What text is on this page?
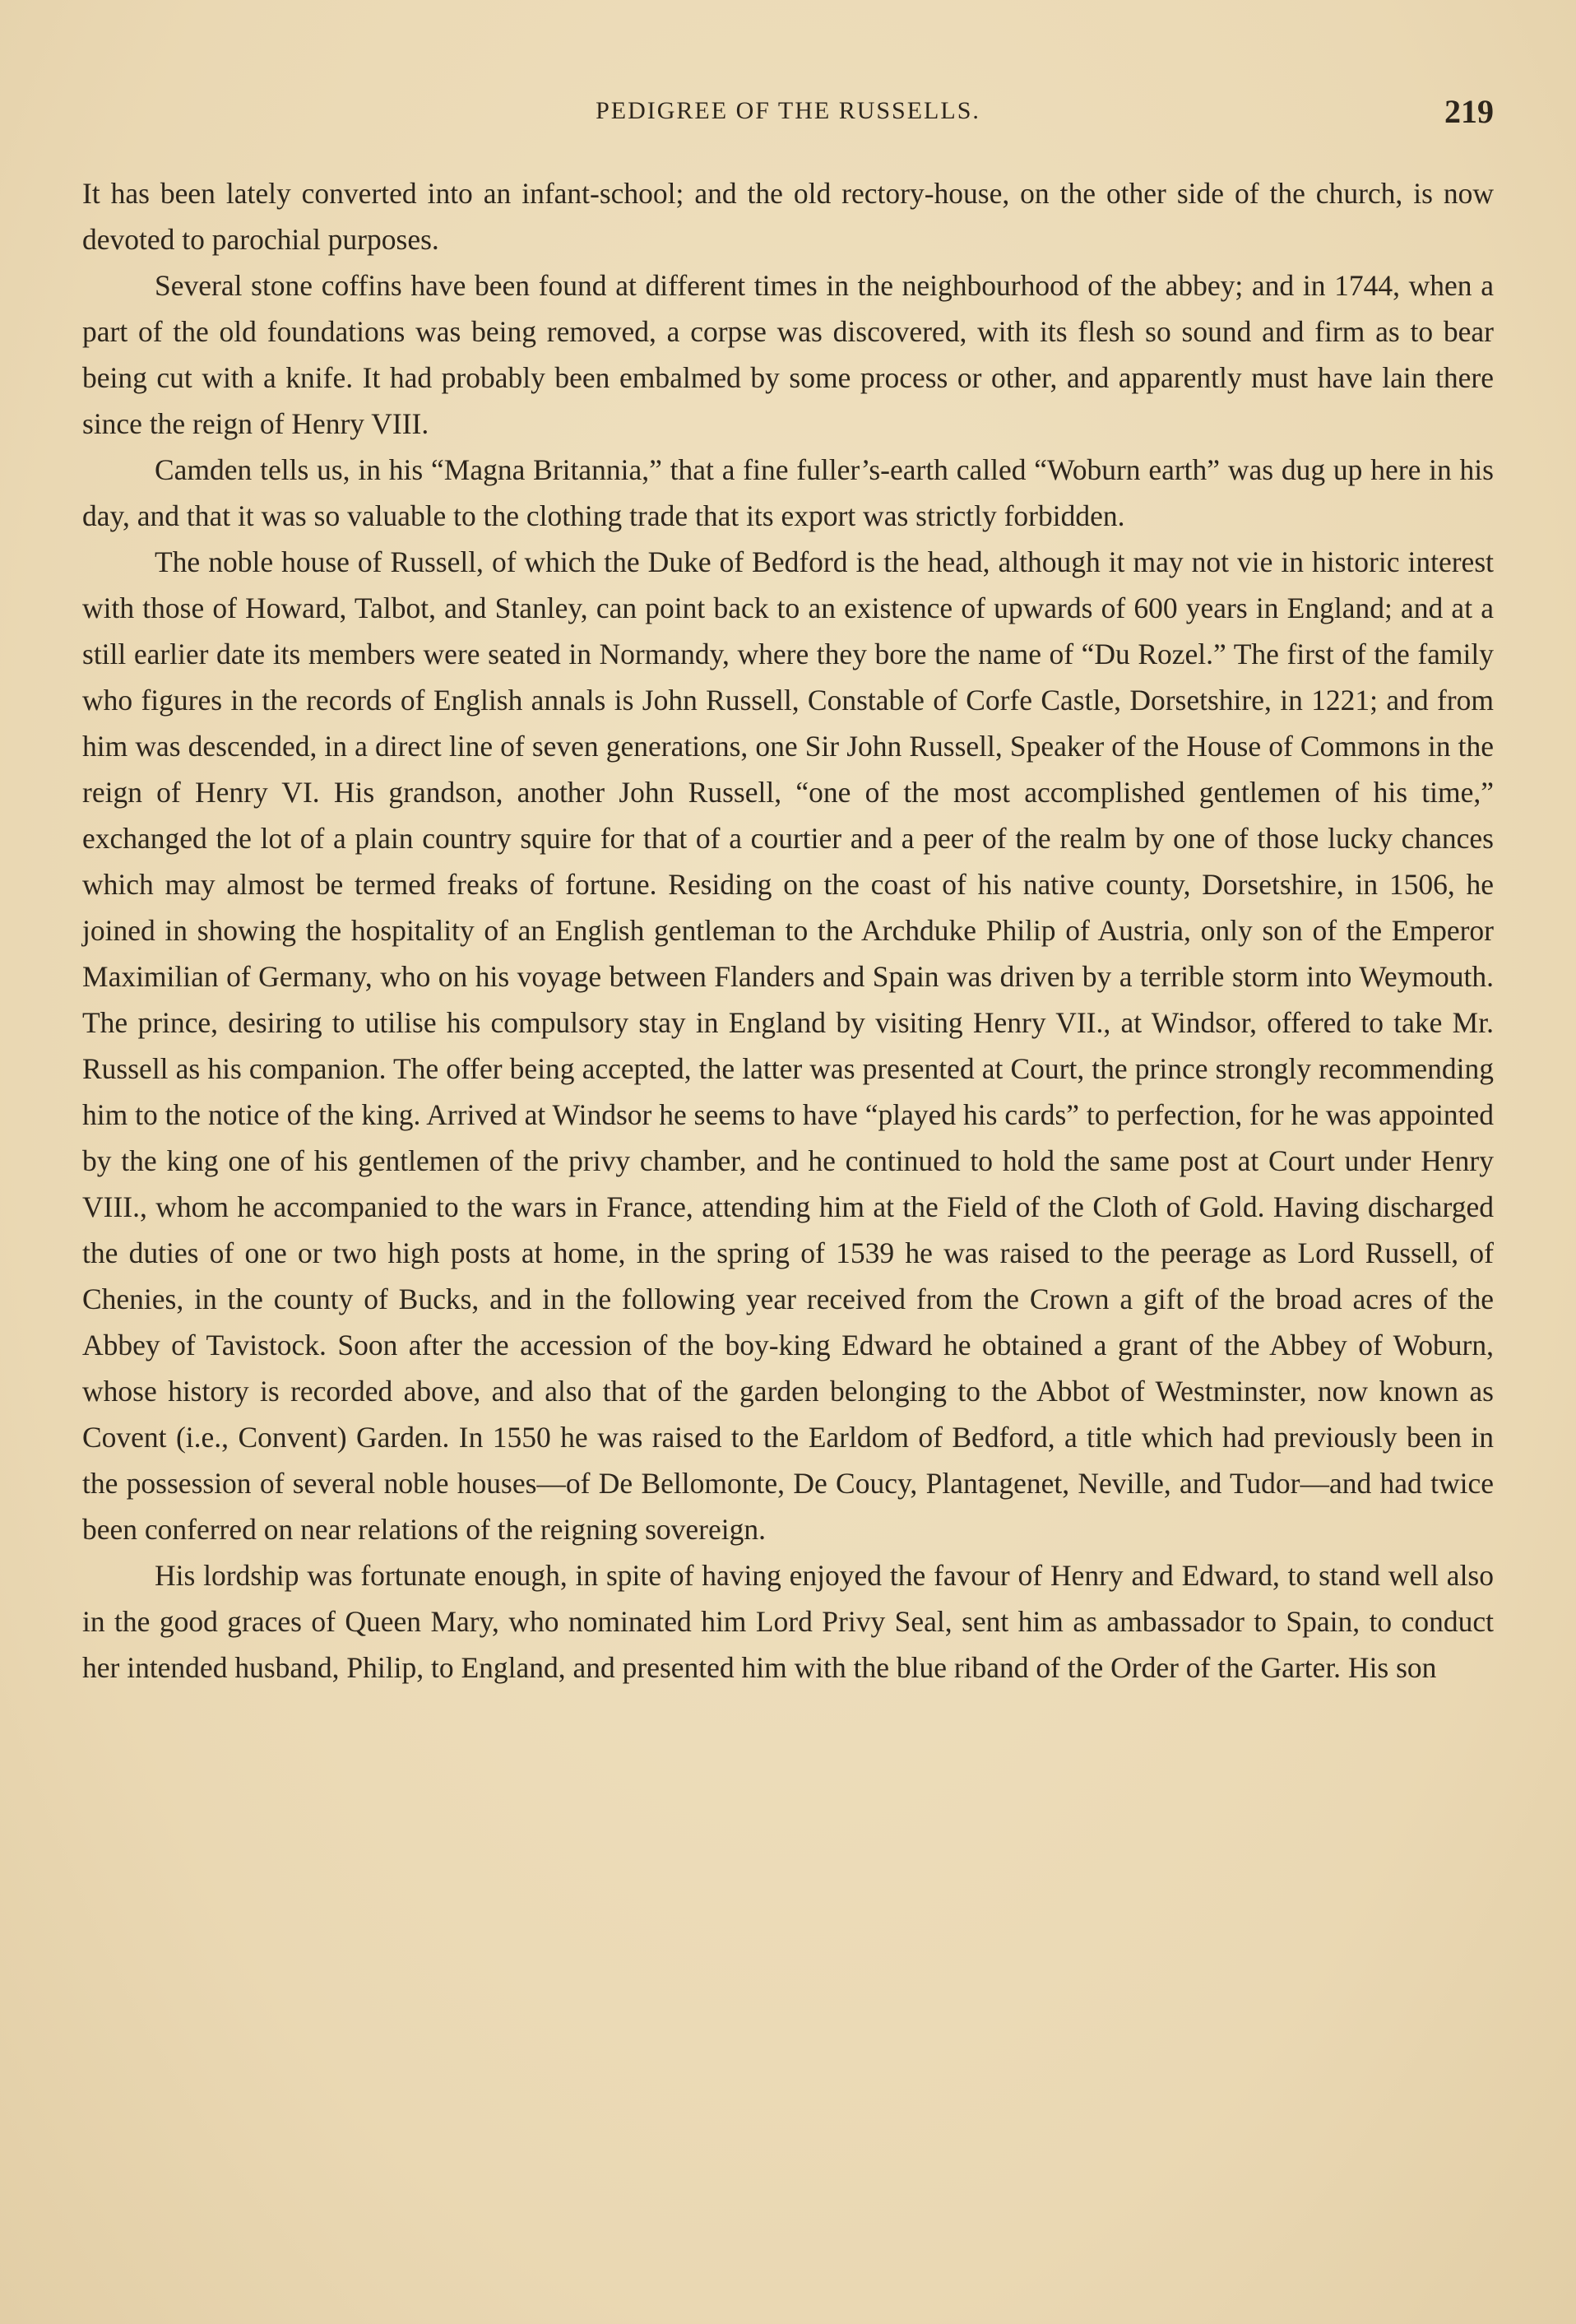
PEDIGREE OF THE RUSSELLS.	219

It has been lately converted into an infant-school; and the old rectory-house, on the other side of the church, is now devoted to parochial purposes.

Several stone coffins have been found at different times in the neighbourhood of the abbey; and in 1744, when a part of the old foundations was being removed, a corpse was discovered, with its flesh so sound and firm as to bear being cut with a knife. It had probably been embalmed by some process or other, and apparently must have lain there since the reign of Henry VIII.

Camden tells us, in his “Magna Britannia,” that a fine fuller’s-earth called “Woburn earth” was dug up here in his day, and that it was so valuable to the clothing trade that its export was strictly forbidden.

The noble house of Russell, of which the Duke of Bedford is the head, although it may not vie in historic interest with those of Howard, Talbot, and Stanley, can point back to an existence of upwards of 600 years in England; and at a still earlier date its members were seated in Normandy, where they bore the name of “Du Rozel.” The first of the family who figures in the records of English annals is John Russell, Constable of Corfe Castle, Dorsetshire, in 1221; and from him was descended, in a direct line of seven generations, one Sir John Russell, Speaker of the House of Commons in the reign of Henry VI. His grandson, another John Russell, “one of the most accomplished gentlemen of his time,” exchanged the lot of a plain country squire for that of a courtier and a peer of the realm by one of those lucky chances which may almost be termed freaks of fortune. Residing on the coast of his native county, Dorsetshire, in 1506, he joined in showing the hospitality of an English gentleman to the Archduke Philip of Austria, only son of the Emperor Maximilian of Germany, who on his voyage between Flanders and Spain was driven by a terrible storm into Weymouth. The prince, desiring to utilise his compulsory stay in England by visiting Henry VII., at Windsor, offered to take Mr. Russell as his companion. The offer being accepted, the latter was presented at Court, the prince strongly recommending him to the notice of the king. Arrived at Windsor he seems to have “played his cards” to perfection, for he was appointed by the king one of his gentlemen of the privy chamber, and he continued to hold the same post at Court under Henry VIII., whom he accompanied to the wars in France, attending him at the Field of the Cloth of Gold. Having discharged the duties of one or two high posts at home, in the spring of 1539 he was raised to the peerage as Lord Russell, of Chenies, in the county of Bucks, and in the following year received from the Crown a gift of the broad acres of the Abbey of Tavistock. Soon after the accession of the boy-king Edward he obtained a grant of the Abbey of Woburn, whose history is recorded above, and also that of the garden belonging to the Abbot of Westminster, now known as Covent (i.e., Convent) Garden. In 1550 he was raised to the Earldom of Bedford, a title which had previously been in the possession of several noble houses—of De Bellomonte, De Coucy, Plantagenet, Neville, and Tudor—and had twice been conferred on near relations of the reigning sovereign.

His lordship was fortunate enough, in spite of having enjoyed the favour of Henry and Edward, to stand well also in the good graces of Queen Mary, who nominated him Lord Privy Seal, sent him as ambassador to Spain, to conduct her intended husband, Philip, to England, and presented him with the blue riband of the Order of the Garter. His son
